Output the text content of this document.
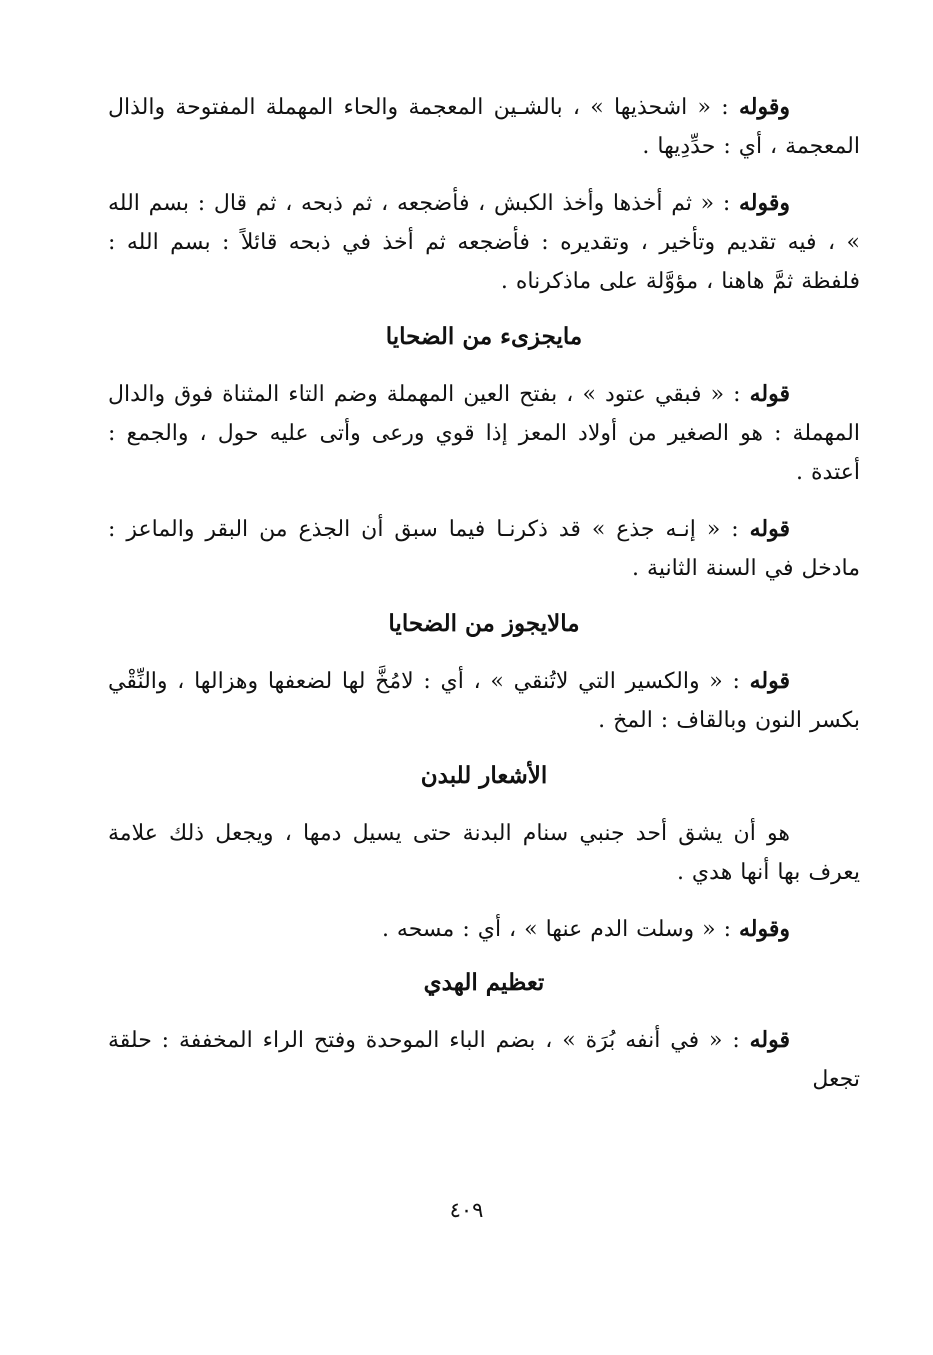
وقوله : « اشحذيها » ، بالشـين المعجمة والحاء المهملة المفتوحة والذال المعجمة ، أي : حدِّدِيها .

وقوله : « ثم أخذها وأخذ الكبش ، فأضجعه ، ثم ذبحه ، ثم قال : بسم الله » ، فيه تقديم وتأخير ، وتقديره : فأضجعه ثم أخذ في ذبحه قائلاً : بسم الله : فلفظة ثمَّ هاهنا ، مؤوَّلة على ماذكرناه .

مايجزىء من الضحايا

قوله : « فبقي عتود » ، بفتح العين المهملة وضم التاء المثناة فوق والدال المهملة : هو الصغير من أولاد المعز إذا قوي ورعى وأتى عليه حول ، والجمع : أعتدة .

قوله : « إنـه جذع » قد ذكرنـا فيما سبق أن الجذع من البقر والماعز : مادخل في السنة الثانية .

مالايجوز من الضحايا

قوله : « والكسير التي لاتُنقي » ، أي : لامُخَّ لها لضعفها وهزالها ، والنِّقْي بكسر النون وبالقاف : المخ .

الأشعار للبدن

هو أن يشق أحد جنبي سنام البدنة حتى يسيل دمها ، ويجعل ذلك علامة يعرف بها أنها هدي .

وقوله : « وسلت الدم عنها » ، أي : مسحه .

تعظيم الهدي

قوله : « في أنفه بُرَة » ، بضم الباء الموحدة وفتح الراء المخففة : حلقة تجعل

٤٠٩
